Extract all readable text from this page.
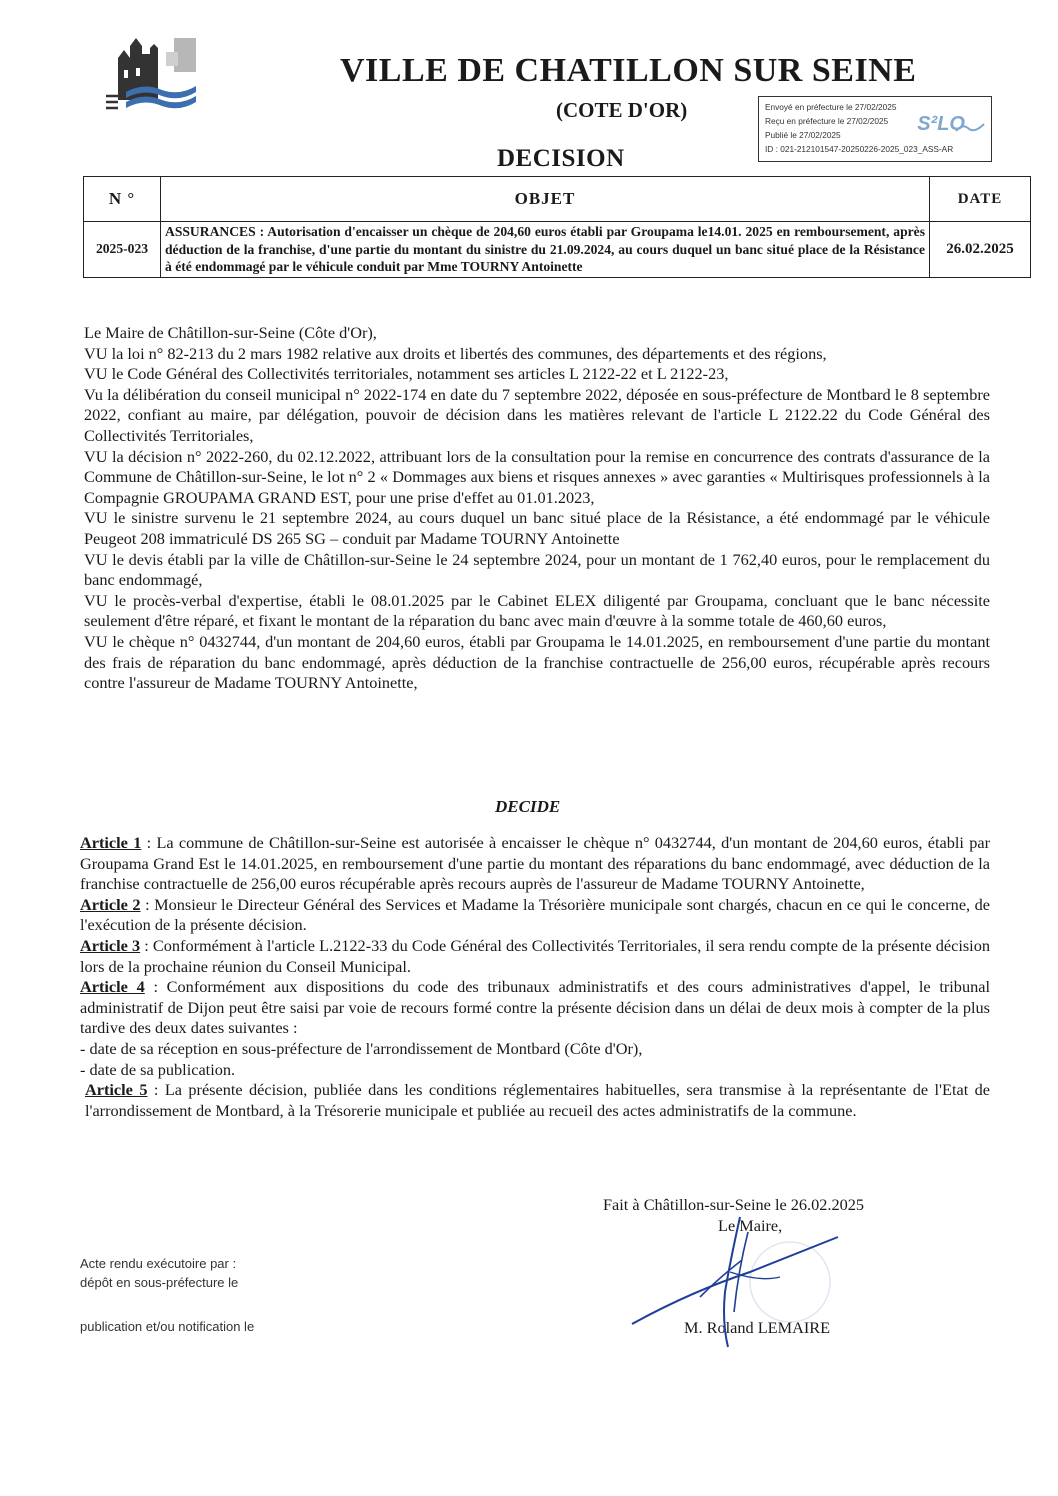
VILLE DE CHATILLON SUR SEINE
(COTE D'OR)
DECISION
Envoyé en préfecture le 27/02/2025
Reçu en préfecture le 27/02/2025
Publié le 27/02/2025
ID : 021-212101547-20250226-2025_023_ASS-AR
S²LO
N °	OBJET	DATE
2025-023	ASSURANCES : Autorisation d'encaisser un chèque de 204,60 euros établi par Groupama le14.01. 2025 en remboursement, après déduction de la franchise, d'une partie du montant du sinistre du 21.09.2024, au cours duquel un banc situé place de la Résistance à été endommagé par le véhicule conduit par Mme TOURNY Antoinette	26.02.2025

Le Maire de Châtillon-sur-Seine (Côte d'Or),

VU la loi n° 82-213 du 2 mars 1982 relative aux droits et libertés des communes, des départements et des régions,

VU le Code Général des Collectivités territoriales, notamment ses articles L 2122-22 et L 2122-23,

Vu la délibération du conseil municipal n° 2022-174 en date du 7 septembre 2022, déposée en sous-préfecture de Montbard le 8 septembre 2022, confiant au maire, par délégation, pouvoir de décision dans les matières relevant de l'article L 2122.22 du Code Général des Collectivités Territoriales,

VU la décision n° 2022-260, du 02.12.2022, attribuant lors de la consultation pour la remise en concurrence des contrats d'assurance de la Commune de Châtillon-sur-Seine, le lot n° 2 « Dommages aux biens et risques annexes » avec garanties « Multirisques professionnels à la Compagnie GROUPAMA GRAND EST, pour une prise d'effet au 01.01.2023,

VU le sinistre survenu le 21 septembre 2024, au cours duquel un banc situé place de la Résistance, a été endommagé par le véhicule Peugeot 208 immatriculé DS 265 SG – conduit par Madame TOURNY Antoinette

VU le devis établi par la ville de Châtillon-sur-Seine le 24 septembre 2024, pour un montant de 1 762,40 euros, pour le remplacement du banc endommagé,

VU le procès-verbal d'expertise, établi le 08.01.2025 par le Cabinet ELEX diligenté par Groupama, concluant que le banc nécessite seulement d'être réparé, et fixant le montant de la réparation du banc avec main d'œuvre à la somme totale de 460,60 euros,

VU le chèque n° 0432744, d'un montant de 204,60 euros, établi par Groupama le 14.01.2025, en remboursement d'une partie du montant des frais de réparation du banc endommagé, après déduction de la franchise contractuelle de 256,00 euros, récupérable après recours contre l'assureur de Madame TOURNY Antoinette,

DECIDE

Article 1 : La commune de Châtillon-sur-Seine est autorisée à encaisser le chèque n° 0432744, d'un montant de 204,60 euros, établi par Groupama Grand Est le 14.01.2025, en remboursement d'une partie du montant des réparations du banc endommagé, avec déduction de la franchise contractuelle de 256,00 euros récupérable après recours auprès de l'assureur de Madame TOURNY Antoinette,

Article 2 : Monsieur le Directeur Général des Services et Madame la Trésorière municipale sont chargés, chacun en ce qui le concerne, de l'exécution de la présente décision.

Article 3 : Conformément à l'article L.2122-33 du Code Général des Collectivités Territoriales, il sera rendu compte de la présente décision lors de la prochaine réunion du Conseil Municipal.

Article 4 : Conformément aux dispositions du code des tribunaux administratifs et des cours administratives d'appel, le tribunal administratif de Dijon peut être saisi par voie de recours formé contre la présente décision dans un délai de deux mois à compter de la plus tardive des deux dates suivantes :

- date de sa réception en sous-préfecture de l'arrondissement de Montbard (Côte d'Or),

- date de sa publication.

Article 5 : La présente décision, publiée dans les conditions réglementaires habituelles, sera transmise à la représentante de l'Etat de l'arrondissement de Montbard, à la Trésorerie municipale et publiée au recueil des actes administratifs de la commune.

Fait à Châtillon-sur-Seine le 26.02.2025
Le Maire,
M. Roland LEMAIRE
Acte rendu exécutoire par :
dépôt en sous-préfecture le
publication et/ou notification le
